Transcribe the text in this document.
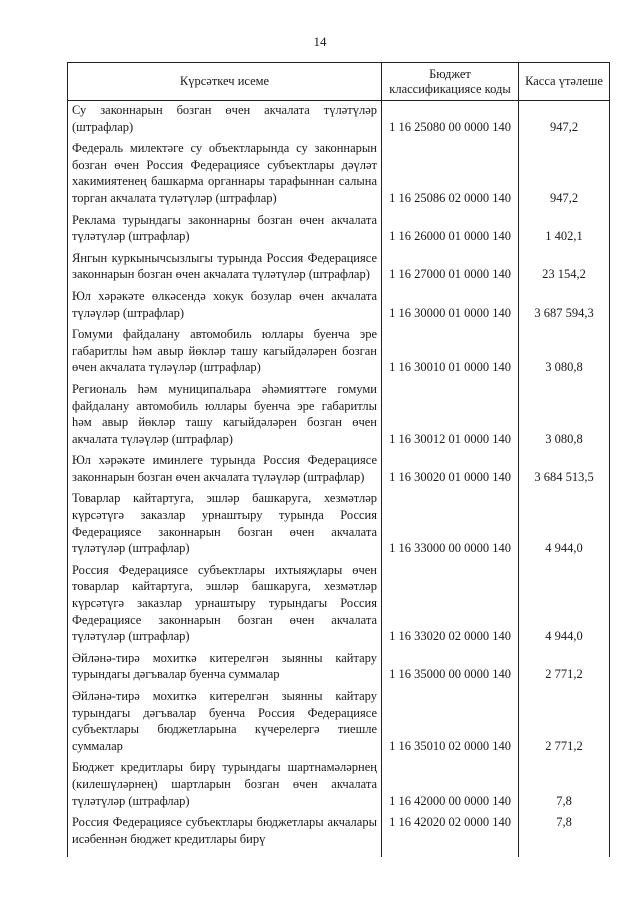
14
Күрсәткеч исеме	Бюджет классификациясе коды	Касса үтәлеше
Су законнарын бозган өчен акчалата түләтүләр (штрафлар)	1 16 25080 00 0000 140	947,2
Федераль милектәге су объектларында су законнарын бозган өчен Россия Федерациясе субъектлары дәүләт хакимиятенең башкарма органнары тарафыннан салына торган акчалата түләтүләр (штрафлар)	1 16 25086 02 0000 140	947,2
Реклама турындагы законнарны бозган өчен акчалата түләтүләр (штрафлар)	1 16 26000 01 0000 140	1 402,1
Янгын куркынычсызлыгы турында Россия Федерациясе законнарын бозган өчен акчалата түләтүләр (штрафлар)	1 16 27000 01 0000 140	23 154,2
Юл хәрәкәте өлкәсендә хокук бозулар өчен акчалата түләүләр (штрафлар)	1 16 30000 01 0000 140	3 687 594,3
Гомуми файдалану автомобиль юллары буенча эре габаритлы һәм авыр йөкләр ташу кагыйдәләрен бозган өчен акчалата түләүләр (штрафлар)	1 16 30010 01 0000 140	3 080,8
Региональ һәм муниципальара әһәмияттәге гомуми файдалану автомобиль юллары буенча эре габаритлы һәм авыр йөкләр ташу кагыйдәләрен бозган өчен акчалата түләүләр (штрафлар)	1 16 30012 01 0000 140	3 080,8
Юл хәрәкәте иминлеге турында Россия Федерациясе законнарын бозган өчен акчалата түләүләр (штрафлар)	1 16 30020 01 0000 140	3 684 513,5
Товарлар кайтартуга, эшләр башкаруга, хезмәтләр күрсәтүгә заказлар урнаштыру турында Россия Федерациясе законнарын бозган өчен акчалата түләтүләр (штрафлар)	1 16 33000 00 0000 140	4 944,0
Россия Федерациясе субъектлары ихтыяҗлары өчен товарлар кайтартуга, эшләр башкаруга, хезмәтләр күрсәтүгә заказлар урнаштыру турындагы Россия Федерациясе законнарын бозган өчен акчалата түләтүләр (штрафлар)	1 16 33020 02 0000 140	4 944,0
Әйләнә-тирә мохиткә китерелгән зыянны кайтару турындагы дәгъвалар буенча суммалар	1 16 35000 00 0000 140	2 771,2
Әйләнә-тирә мохиткә китерелгән зыянны кайтару турындагы дәгъвалар буенча Россия Федерациясе субъектлары бюджетларына күчерелергә тиешле суммалар	1 16 35010 02 0000 140	2 771,2
Бюджет кредитлары бирү турындагы шартнамәләрнең (килешүләрнең) шартларын бозган өчен акчалата түләтүләр (штрафлар)	1 16 42000 00 0000 140	7,8
Россия Федерациясе субъектлары бюджетлары акчалары исәбеннән бюджет кредитлары бирү	1 16 42020 02 0000 140	7,8
